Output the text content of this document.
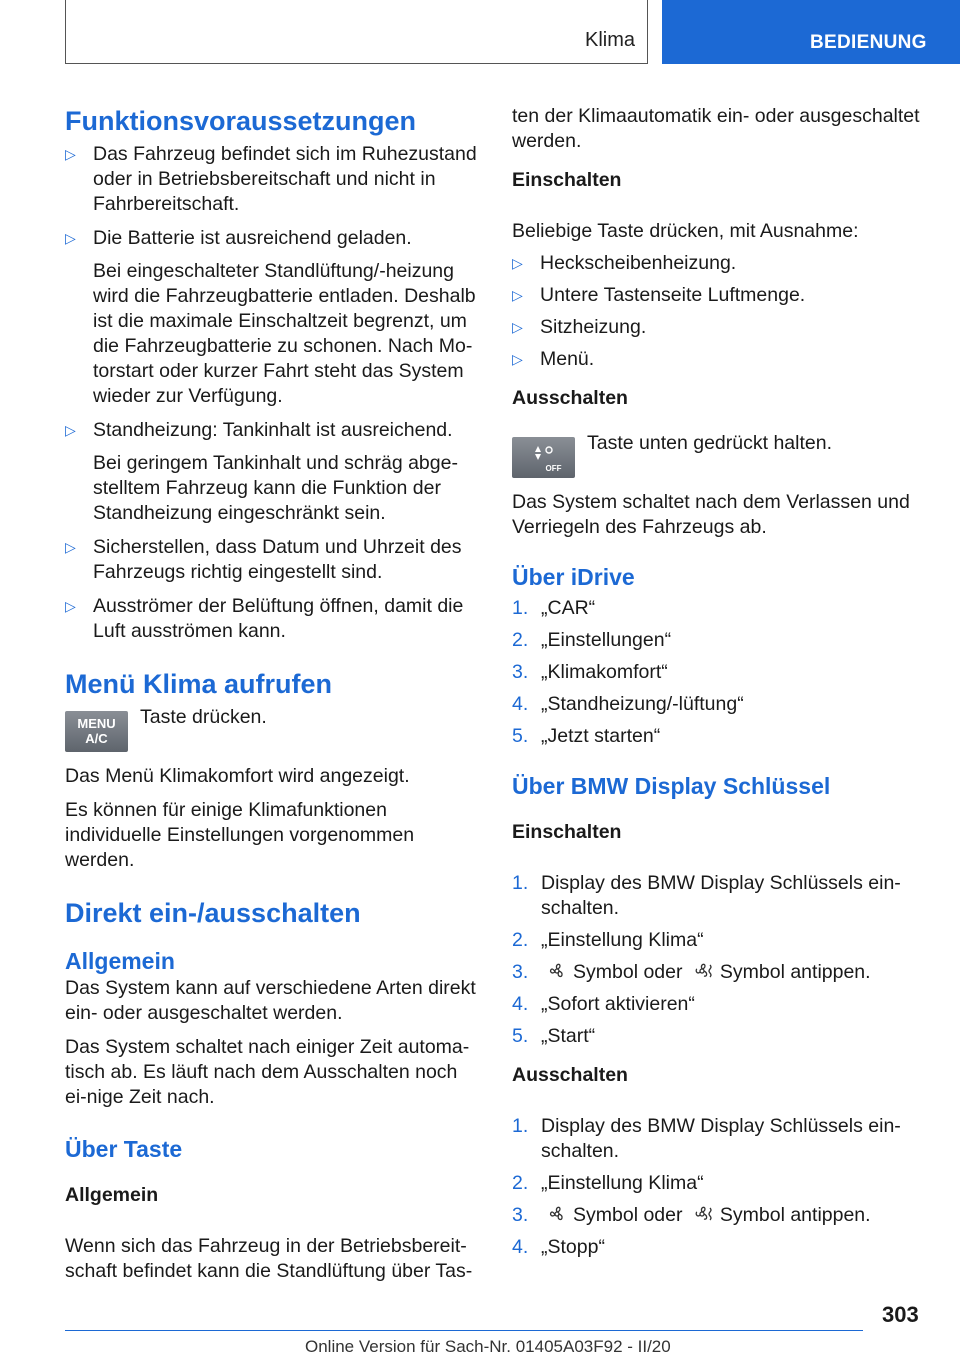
Klima	BEDIENUNG
Funktionsvoraussetzungen
▷ Das Fahrzeug befindet sich im Ruhezustand oder in Betriebsbereitschaft und nicht in Fahrbereitschaft.

▷ Die Batterie ist ausreichend geladen.

Bei eingeschalteter Standlüftung/-heizung wird die Fahrzeugbatterie entladen. Deshalb ist die maximale Einschaltzeit begrenzt, um die Fahrzeugbatterie zu schonen. Nach Mo-torstart oder kurzer Fahrt steht das System wieder zur Verfügung.

▷ Standheizung: Tankinhalt ist ausreichend.

Bei geringem Tankinhalt und schräg abge-stelltem Fahrzeug kann die Funktion der Standheizung eingeschränkt sein.

▷ Sicherstellen, dass Datum und Uhrzeit des Fahrzeugs richtig eingestellt sind.

▷ Ausströmer der Belüftung öffnen, damit die Luft ausströmen kann.

Menü Klima aufrufen
MENU
A/C
Taste drücken.

Das Menü Klimakomfort wird angezeigt.

Es können für einige Klimafunktionen individuelle Einstellungen vorgenommen werden.

Direkt ein-/ausschalten
Allgemein

Das System kann auf verschiedene Arten direkt ein- oder ausgeschaltet werden.

Das System schaltet nach einiger Zeit automa-tisch ab. Es läuft nach dem Ausschalten noch ei-nige Zeit nach.

Über Taste
Allgemein

Wenn sich das Fahrzeug in der Betriebsbereit-schaft befindet kann die Standlüftung über Tas-

ten der Klimaautomatik ein- oder ausgeschaltet werden.

Einschalten

Beliebige Taste drücken, mit Ausnahme:

▷ Heckscheibenheizung.
▷ Untere Tastenseite Luftmenge.
▷ Sitzheizung.
▷ Menü.
Ausschalten
OFF
Taste unten gedrückt halten.

Das System schaltet nach dem Verlassen und Verriegeln des Fahrzeugs ab.

Über iDrive
1. „CAR“
2. „Einstellungen“
3. „Klimakomfort“
4. „Standheizung/-lüftung“
5. „Jetzt starten“
Über BMW Display Schlüssel
Einschalten
1. Display des BMW Display Schlüssels ein-schalten.
2. „Einstellung Klima“
3.	Symbol oder Symbol antippen.
4. „Sofort aktivieren“
5. „Start“
Ausschalten
1. Display des BMW Display Schlüssels ein-schalten.
2. „Einstellung Klima“
3.	Symbol oder Symbol antippen.
4. „Stopp“
303
Online Version für Sach-Nr. 01405A03F92 - II/20
